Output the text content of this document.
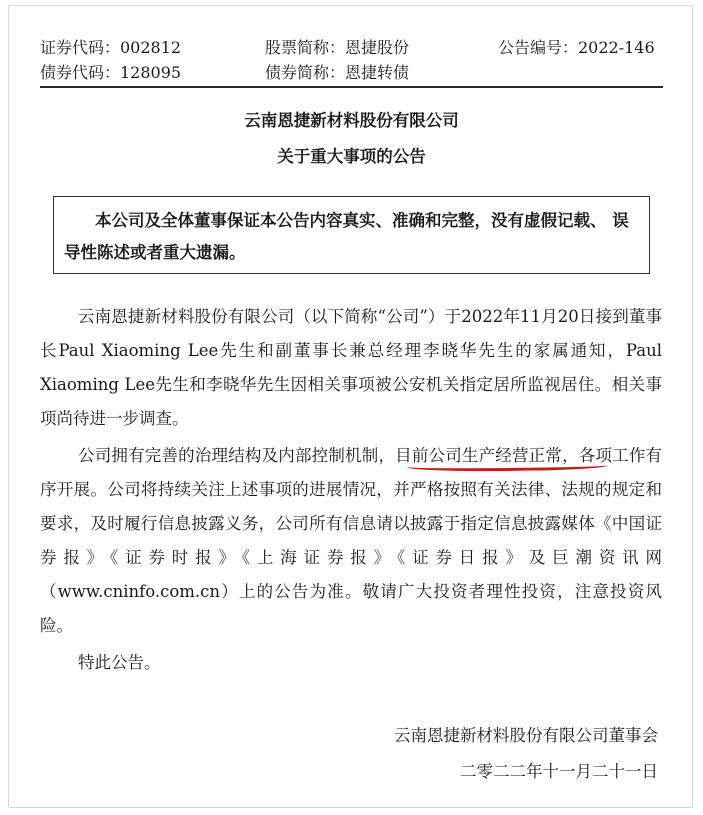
证券代码：002812	股票简称：恩捷股份	公告编号：2022-146
债券代码：128095	债券简称：恩捷转债
云南恩捷新材料股份有限公司
关于重大事项的公告
本公司及全体董事保证本公告内容真实、准确和完整，没有虚假记载、 误导性陈述或者重大遗漏。
云南恩捷新材料股份有限公司（以下简称“公司”）于2022年11月20日接到董事长Paul Xiaoming Lee先生和副董事长兼总经理李晓华先生的家属通知，Paul Xiaoming Lee先生和李晓华先生因相关事项被公安机关指定居所监视居住。相关事项尚待进一步调查。
公司拥有完善的治理结构及内部控制机制，目前公司生产经营正常，各项工作有序开展。公司将持续关注上述事项的进展情况，并严格按照有关法律、法规的规定和要求，及时履行信息披露义务，公司所有信息请以披露于指定信息披露媒体《中国证券报》《证券时报》《上海证券报》《证券日报》及巨潮资讯网（www.cninfo.com.cn）上的公告为准。敬请广大投资者理性投资，注意投资风险。
特此公告。
云南恩捷新材料股份有限公司董事会
二零二二年十一月二十一日
